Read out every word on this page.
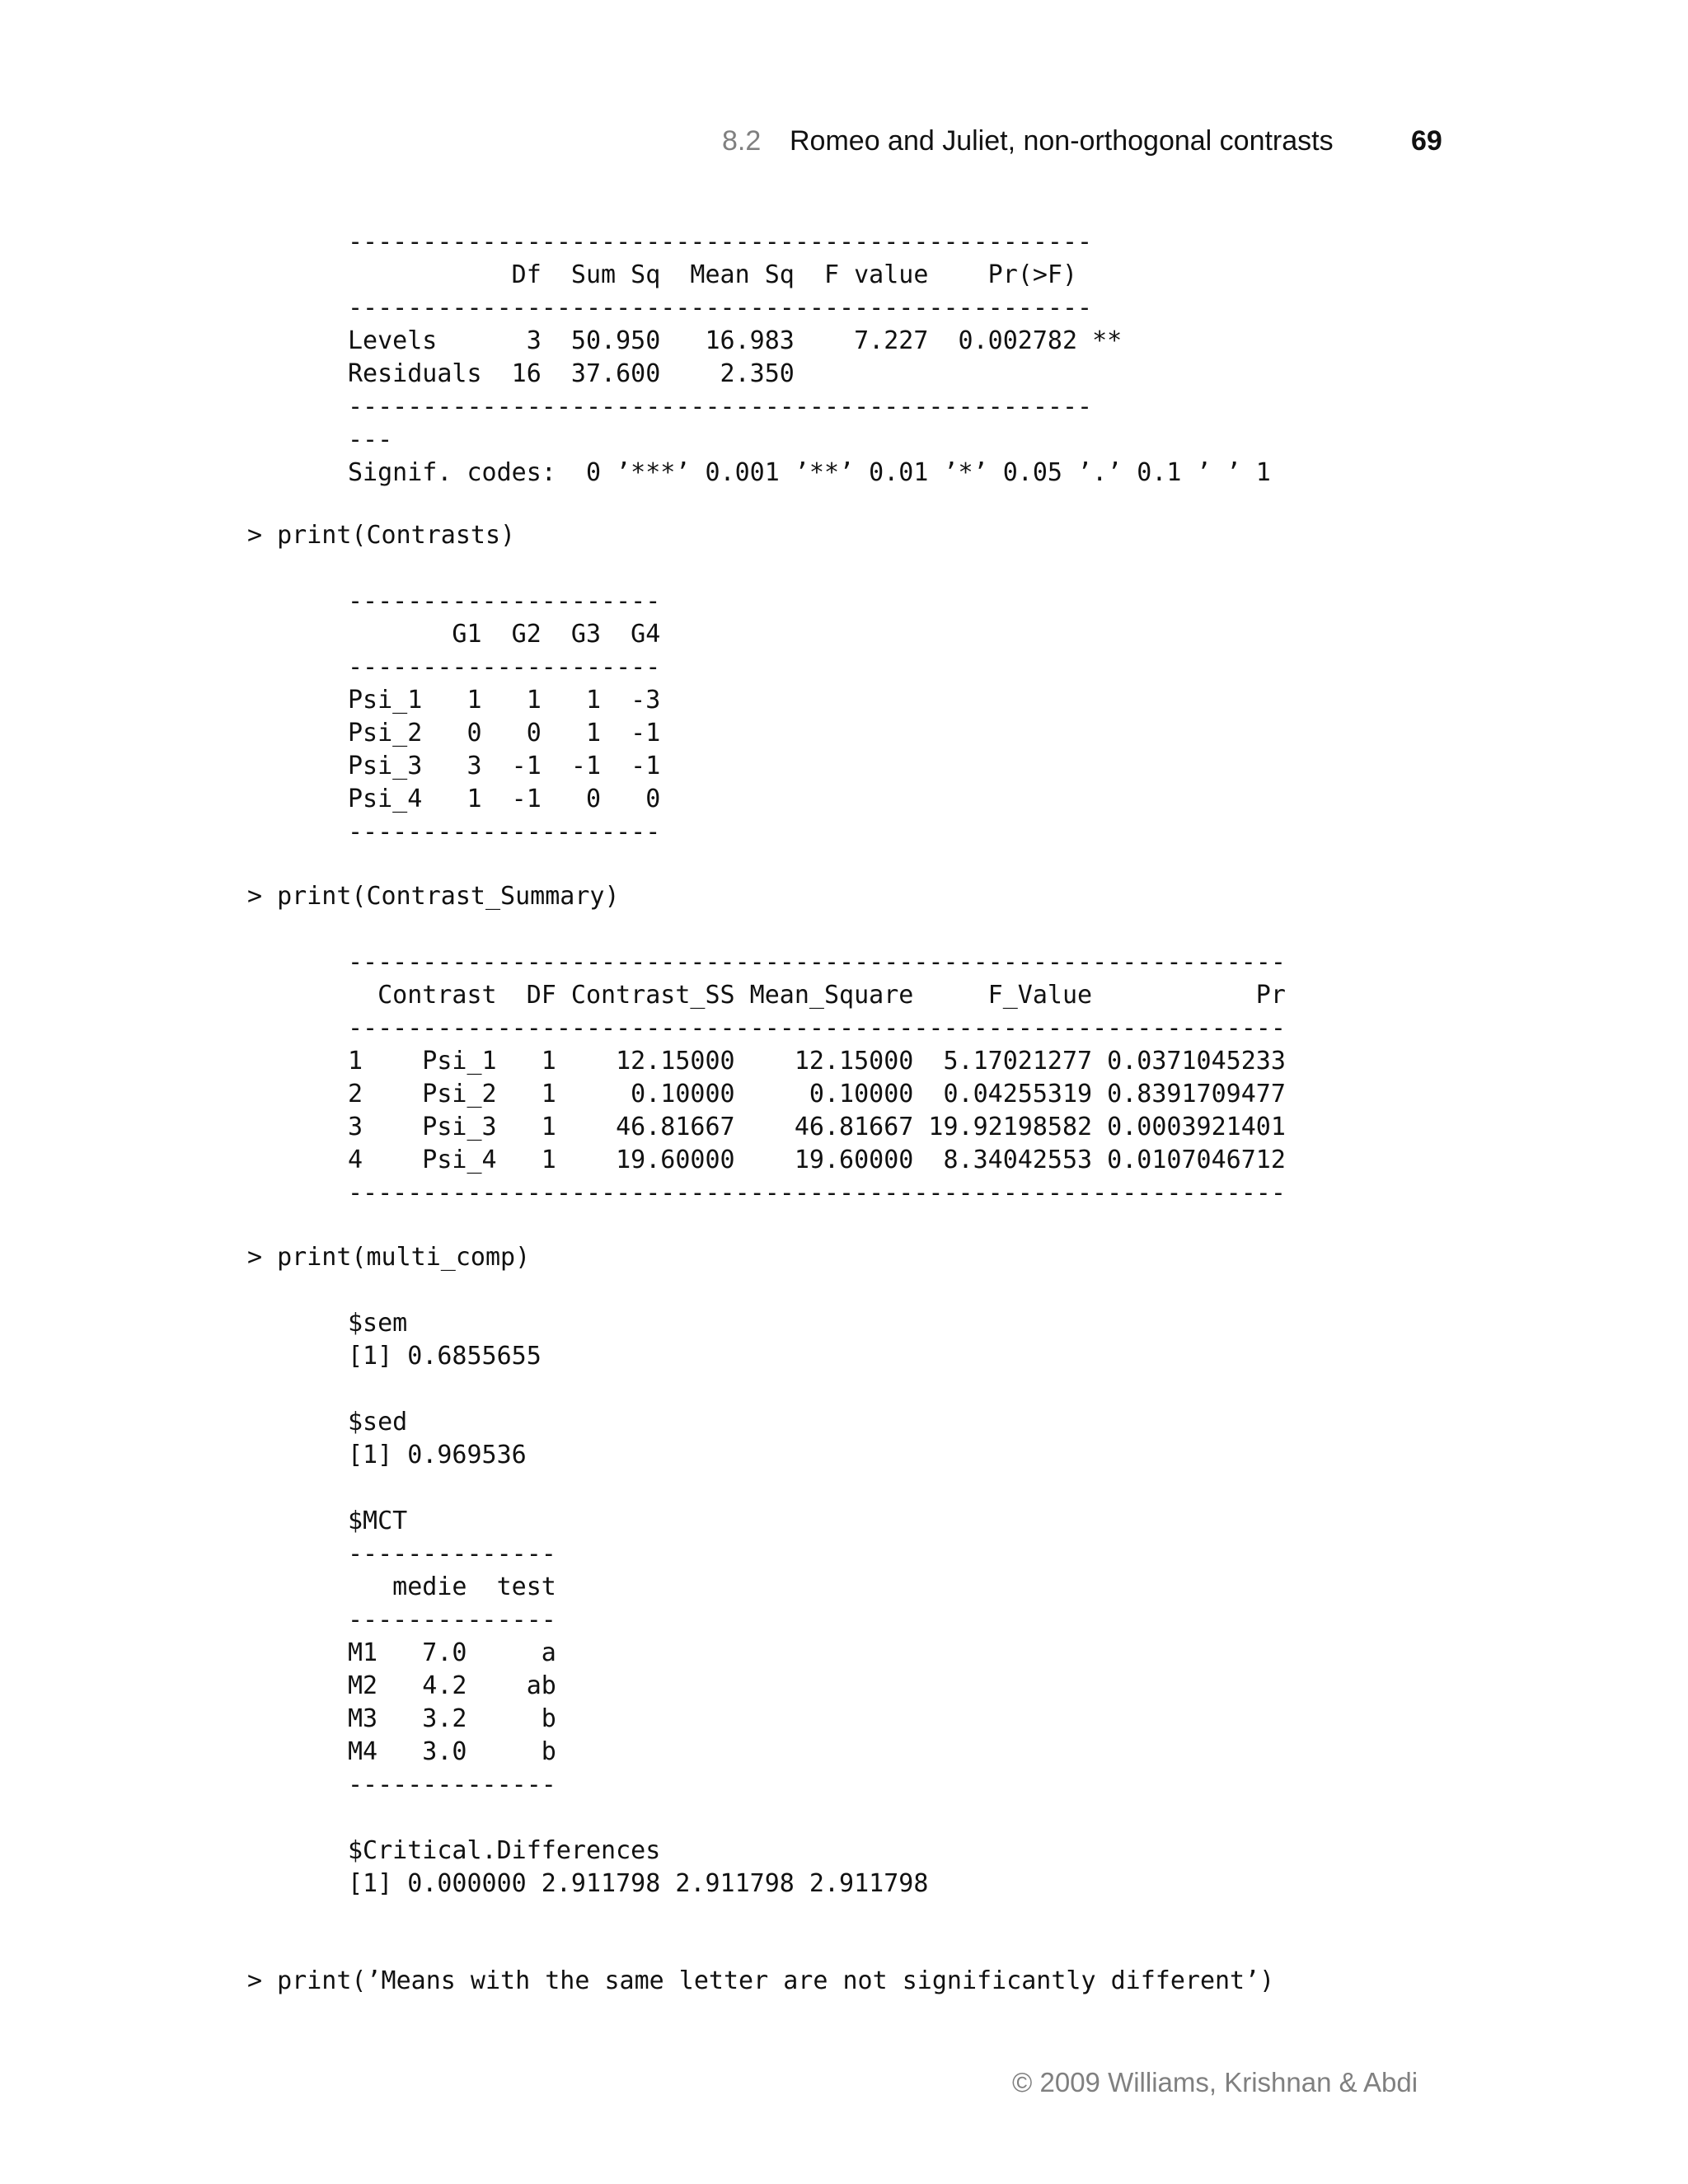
8.2 Romeo and Juliet, non-orthogonal contrasts	69
--------------------------------------------------
Df  Sum Sq  Mean Sq  F value    Pr(>F)
--------------------------------------------------
Levels      3  50.950   16.983    7.227  0.002782 **
Residuals  16  37.600    2.350
--------------------------------------------------
---
Signif. codes:  0 ’***’ 0.001 ’**’ 0.01 ’*’ 0.05 ’.’ 0.1 ’ ’ 1
> print(Contrasts)
---------------------
G1  G2  G3  G4
---------------------
Psi_1   1   1   1  -3
Psi_2   0   0   1  -1
Psi_3   3  -1  -1  -1
Psi_4   1  -1   0   0
---------------------
> print(Contrast_Summary)
---------------------------------------------------------------
Contrast  DF Contrast_SS Mean_Square     F_Value           Pr
---------------------------------------------------------------
1    Psi_1   1    12.15000    12.15000  5.17021277 0.0371045233
2    Psi_2   1     0.10000     0.10000  0.04255319 0.8391709477
3    Psi_3   1    46.81667    46.81667 19.92198582 0.0003921401
4    Psi_4   1    19.60000    19.60000  8.34042553 0.0107046712
---------------------------------------------------------------
> print(multi_comp)
$sem
[1] 0.6855655

$sed
[1] 0.969536

$MCT
--------------
medie  test
--------------
M1   7.0     a
M2   4.2    ab
M3   3.2     b
M4   3.0     b
--------------

$Critical.Differences
[1] 0.000000 2.911798 2.911798 2.911798
> print(’Means with the same letter are not significantly different’)
© 2009 Williams, Krishnan & Abdi
